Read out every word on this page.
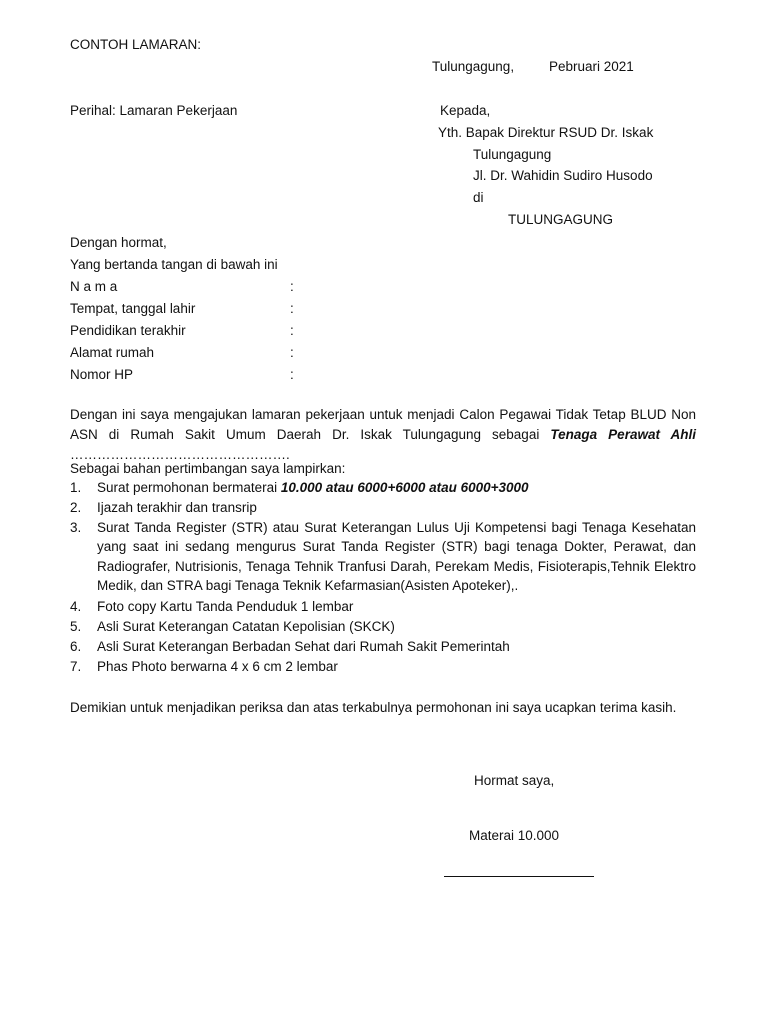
CONTOH LAMARAN:
Tulungagung,	Pebruari 2021
Perihal: Lamaran Pekerjaan	Kepada,
Yth. Bapak Direktur RSUD Dr. Iskak
Tulungagung
Jl. Dr. Wahidin Sudiro Husodo
di
TULUNGAGUNG
Dengan hormat,
Yang bertanda tangan di bawah ini
N a m a	:
Tempat, tanggal lahir	:
Pendidikan terakhir	:
Alamat rumah	:
Nomor HP	:
Dengan ini saya mengajukan lamaran pekerjaan untuk menjadi Calon Pegawai Tidak Tetap BLUD Non ASN di Rumah Sakit Umum Daerah Dr. Iskak Tulungagung sebagai Tenaga Perawat Ahli ………………………………………….
Sebagai bahan pertimbangan saya lampirkan:
1. Surat permohonan bermaterai 10.000 atau 6000+6000 atau 6000+3000
2. Ijazah terakhir dan transrip
3. Surat Tanda Register (STR) atau Surat Keterangan Lulus Uji Kompetensi bagi Tenaga Kesehatan yang saat ini sedang mengurus Surat Tanda Register (STR) bagi tenaga Dokter, Perawat, dan Radiografer, Nutrisionis, Tenaga Tehnik Tranfusi Darah, Perekam Medis, Fisioterapis,Tehnik Elektro Medik, dan STRA bagi Tenaga Teknik Kefarmasian(Asisten Apoteker),.
4. Foto copy Kartu Tanda Penduduk 1 lembar
5. Asli Surat Keterangan Catatan Kepolisian (SKCK)
6. Asli Surat Keterangan Berbadan Sehat dari Rumah Sakit Pemerintah
7. Phas Photo berwarna 4 x 6 cm 2 lembar
Demikian untuk menjadikan periksa dan atas terkabulnya permohonan ini saya ucapkan terima kasih.
Hormat saya,
Materai 10.000
